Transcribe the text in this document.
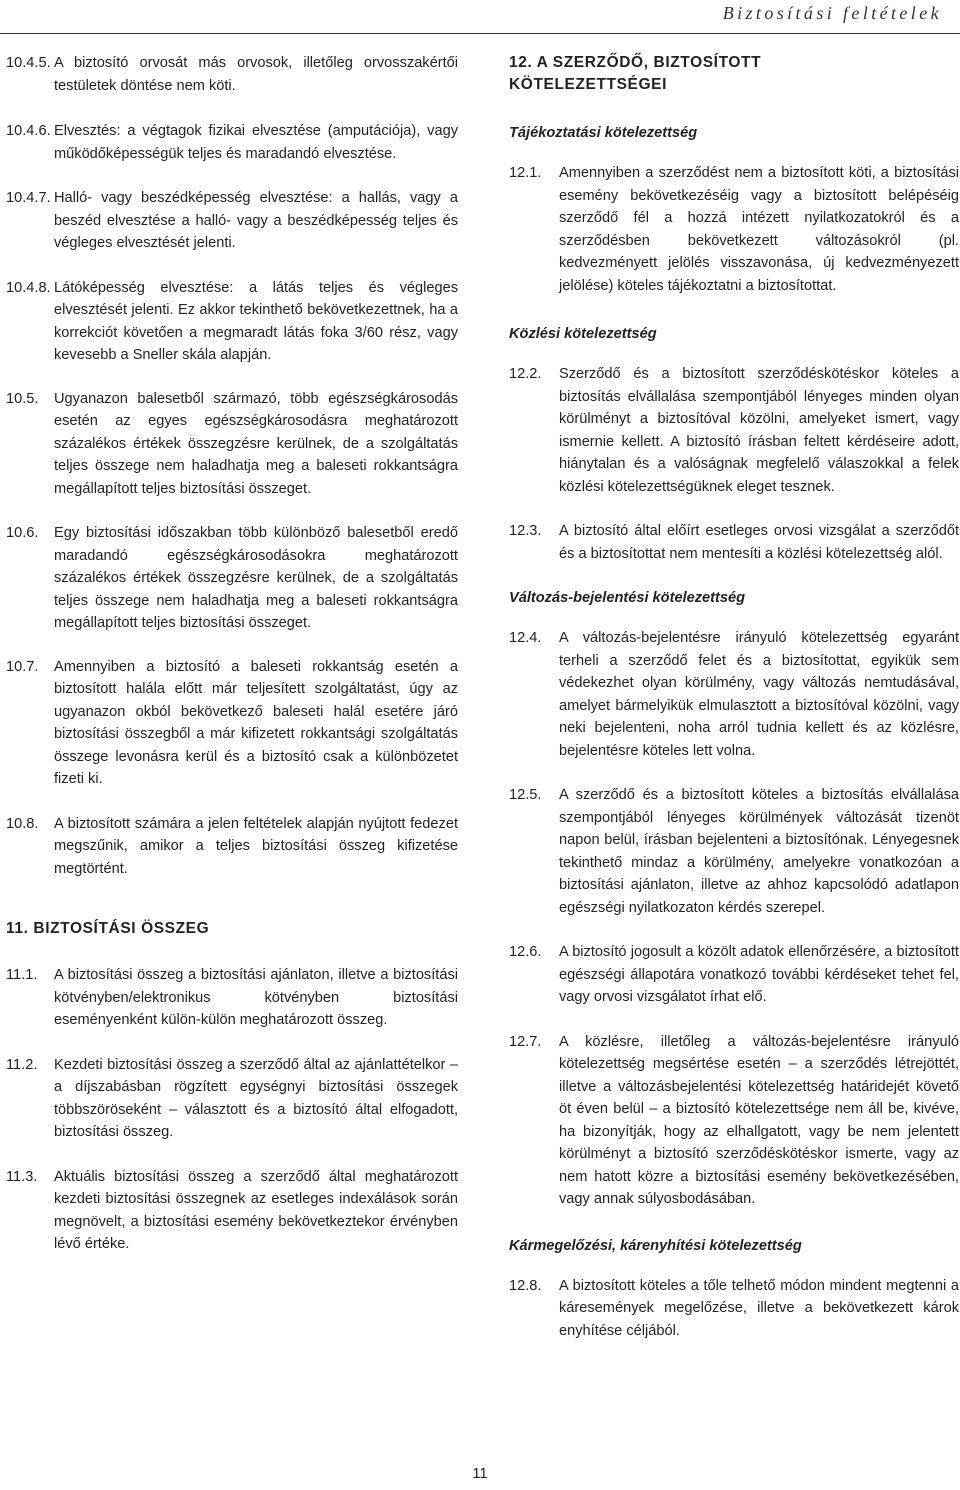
Biztosítási feltételek
10.4.5. A biztosító orvosát más orvosok, illetőleg orvosszakértői testületek döntése nem köti.
10.4.6. Elvesztés: a végtagok fizikai elvesztése (amputációja), vagy működőképességük teljes és maradandó elvesztése.
10.4.7. Halló- vagy beszédképesség elvesztése: a hallás, vagy a beszéd elvesztése a halló- vagy a beszédképesség teljes és végleges elvesztését jelenti.
10.4.8. Látóképesség elvesztése: a látás teljes és végleges elvesztését jelenti. Ez akkor tekinthető bekövetkezettnek, ha a korrekciót követően a megmaradt látás foka 3/60 rész, vagy kevesebb a Sneller skála alapján.
10.5.	Ugyanazon balesetből származó, több egészségkárosodás esetén az egyes egészségkárosodásra meghatározott százalékos értékek összegzésre kerülnek, de a szolgáltatás teljes összege nem haladhatja meg a baleseti rokkantságra megállapított teljes biztosítási összeget.
10.6.	Egy biztosítási időszakban több különböző balesetből eredő maradandó egészségkárosodásokra meghatározott százalékos értékek összegzésre kerülnek, de a szolgáltatás teljes összege nem haladhatja meg a baleseti rokkantságra megállapított teljes biztosítási összeget.
10.7.	Amennyiben a biztosító a baleseti rokkantság esetén a biztosított halála előtt már teljesített szolgáltatást, úgy az ugyanazon okból bekövetkező baleseti halál esetére járó biztosítási összegből a már kifizetett rokkantsági szolgáltatás összege levonásra kerül és a biztosító csak a különbözetet fizeti ki.
10.8.	A biztosított számára a jelen feltételek alapján nyújtott fedezet megszűnik, amikor a teljes biztosítási összeg kifizetése megtörtént.
11. BIZTOSÍTÁSI ÖSSZEG
11.1.	A biztosítási összeg a biztosítási ajánlaton, illetve a biztosítási kötvényben/elektronikus kötvényben biztosítási eseményenként külön-külön meghatározott összeg.
11.2.	Kezdeti biztosítási összeg a szerződő által az ajánlattételkor – a díjszabásban rögzített egységnyi biztosítási összegek többszöröseként – választott és a biztosító által elfogadott, biztosítási összeg.
11.3.	Aktuális biztosítási összeg a szerződő által meghatározott kezdeti biztosítási összegnek az esetleges indexálások során megnövelt, a biztosítási esemény bekövetkeztekor érvényben lévő értéke.
12. A SZERZŐDŐ, BIZTOSÍTOTT
KÖTELEZETTSÉGEI
Tájékoztatási kötelezettség
12.1.	Amennyiben a szerződést nem a biztosított köti, a biztosítási esemény bekövetkezéséig vagy a biztosított belépéséig szerződő fél a hozzá intézett nyilatkozatokról és a szerződésben bekövetkezett változásokról (pl. kedvezményett jelölés visszavonása, új kedvezményezett jelölése) köteles tájékoztatni a biztosítottat.
Közlési kötelezettség
12.2.	Szerződő és a biztosított szerződéskötéskor köteles a biztosítás elvállalása szempontjából lényeges minden olyan körülményt a biztosítóval közölni, amelyeket ismert, vagy ismernie kellett. A biztosító írásban feltett kérdéseire adott, hiánytalan és a valóságnak megfelelő válaszokkal a felek közlési kötelezettségüknek eleget tesznek.
12.3.	A biztosító által előírt esetleges orvosi vizsgálat a szerződőt és a biztosítottat nem mentesíti a közlési kötelezettség alól.
Változás-bejelentési kötelezettség
12.4.	A változás-bejelentésre irányuló kötelezettség egyaránt terheli a szerződő felet és a biztosítottat, egyikük sem védekezhet olyan körülmény, vagy változás nemtudásával, amelyet bármelyikük elmulasztott a biztosítóval közölni, vagy neki bejelenteni, noha arról tudnia kellett és az közlésre, bejelentésre köteles lett volna.
12.5.	A szerződő és a biztosított köteles a biztosítás elvállalása szempontjából lényeges körülmények változását tizenöt napon belül, írásban bejelenteni a biztosítónak. Lényegesnek tekinthető mindaz a körülmény, amelyekre vonatkozóan a biztosítási ajánlaton, illetve az ahhoz kapcsolódó adatlapon egészségi nyilatkozaton kérdés szerepel.
12.6.	A biztosító jogosult a közölt adatok ellenőrzésére, a biztosított egészségi állapotára vonatkozó további kérdéseket tehet fel, vagy orvosi vizsgálatot írhat elő.
12.7.	A közlésre, illetőleg a változás-bejelentésre irányuló kötelezettség megsértése esetén – a szerződés létrejöttét, illetve a változásbejelentési kötelezettség határidejét követő öt éven belül – a biztosító kötelezettsége nem áll be, kivéve, ha bizonyítják, hogy az elhallgatott, vagy be nem jelentett körülményt a biztosító szerződéskötéskor ismerte, vagy az nem hatott közre a biztosítási esemény bekövetkezésében, vagy annak súlyosbodásában.
Kármegelőzési, kárenyhítési kötelezettség
12.8.	A biztosított köteles a tőle telhető módon mindent megtenni a káresemények megelőzése, illetve a bekövetkezett károk enyhítése céljából.
11
